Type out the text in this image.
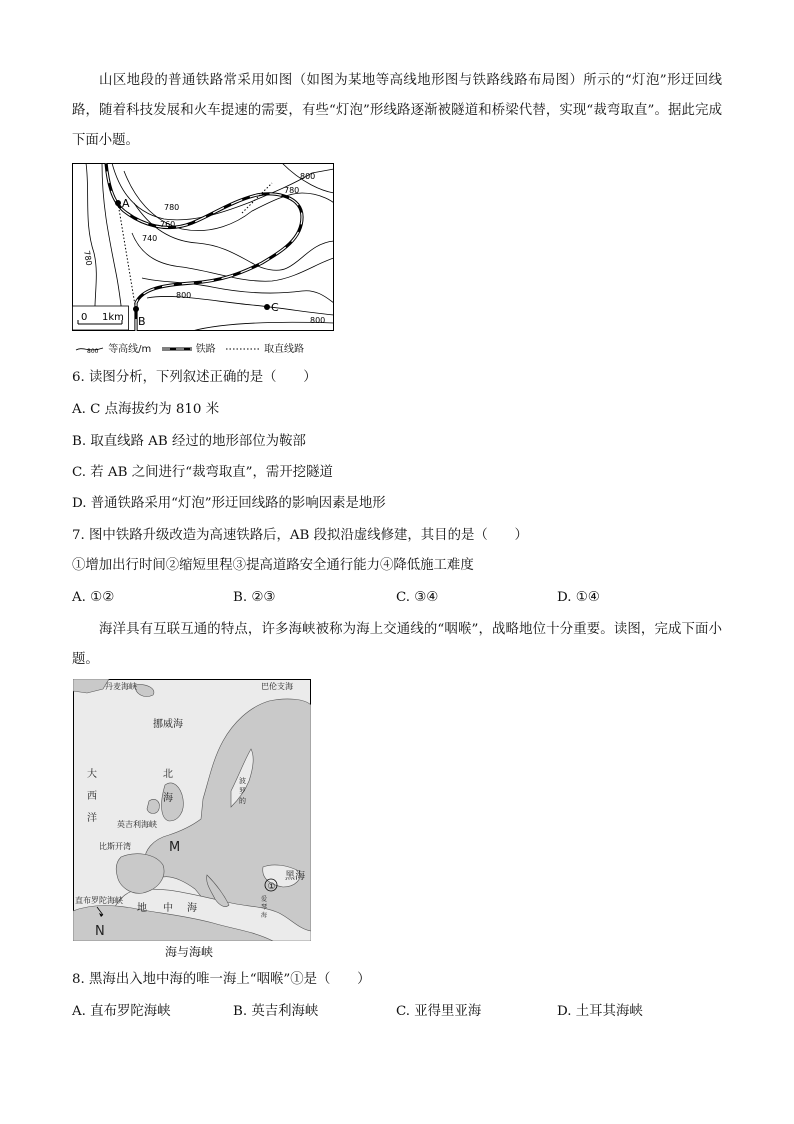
山区地段的普通铁路常采用如图（如图为某地等高线地形图与铁路线路布局图）所示的“灯泡”形迂回线路，随着科技发展和火车提速的需要，有些“灯泡”形线路逐渐被隧道和桥梁代替，实现“裁弯取直”。据此完成下面小题。

A
B
C
800
780
780
760
740
780
800
800
0 1km
800 等高线/m	铁路	取直线路
6. 读图分析，下列叙述正确的是（　　）
A. C 点海拔约为 810 米
B. 取直线路 AB 经过的地形部位为鞍部
C. 若 AB 之间进行“裁弯取直”，需开挖隧道
D. 普通铁路采用“灯泡”形迂回线路的影响因素是地形
7. 图中铁路升级改造为高速铁路后，AB 段拟沿虚线修建，其目的是（　　）
①增加出行时间②缩短里程③提高道路安全通行能力④降低施工难度
A. ①②	B. ②③	C. ③④	D. ①④

海洋具有互联互通的特点，许多海峡被称为海上交通线的“咽喉”，战略地位十分重要。读图，完成下面小题。

丹麦海峡	巴伦支海
挪威海
大
西
洋
北
海
波
罗
的
英吉利海峡
比斯开湾	M
黑海
①
直布罗陀海峡
地 中 海
N
爱
琴
海
海与海峡
8. 黑海出入地中海的唯一海上“咽喉”①是（　　）
A. 直布罗陀海峡	B. 英吉利海峡	C. 亚得里亚海	D. 土耳其海峡
